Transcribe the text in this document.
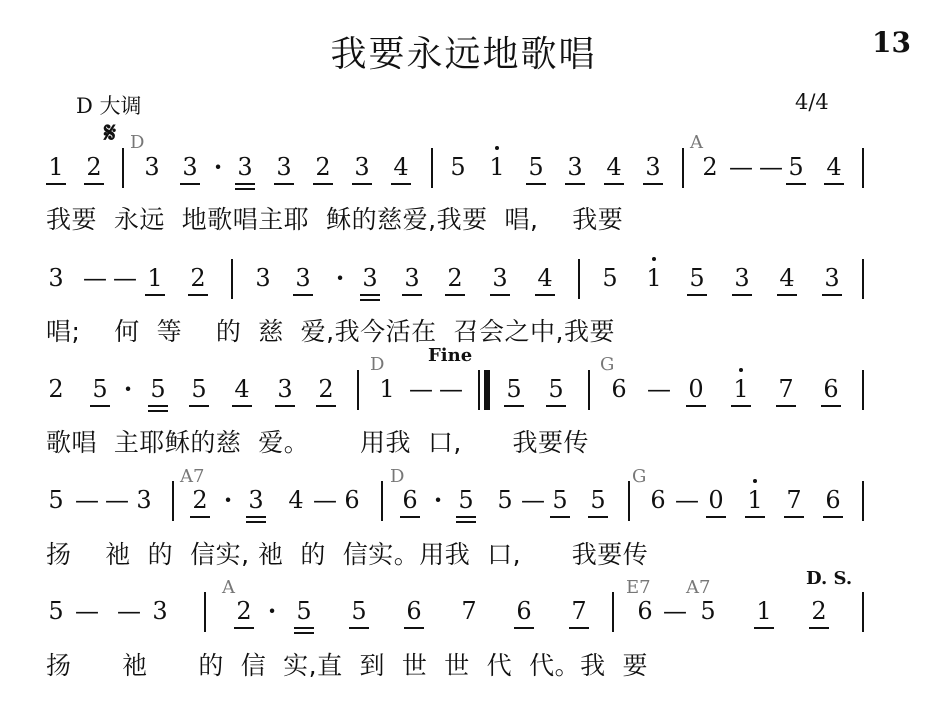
我要永远地歌唱	13
D 大调	4/4
𝄋 D	A
D	G
A7	D	G
A	E7 A7
Fine
D. S.
1 2 3 3 · 3 3 2 3 4 5 1 5 3 4 3 2 — — 5 4
3 — — 1 2 3 3 · 3 3 2 3 4 5 1 5 3 4 3
2 5 · 5 5 4 3 2 1 — — 5 5 6 — 0 1 7 6
5 — — 3 2 · 3 4 — 6 6 · 5 5 — 5 5 6 — 0 1 7 6
5 — — 3	2 · 5 5 6 7 6 7 6 — 5 1 2
我要  永远  地歌唱主耶  稣的慈爱,我要  唱,    我要
唱;    何  等    的  慈  爱,我今活在  召会之中,我要
歌唱  主耶稣的慈  爱。      用我  口,      我要传
扬    祂  的  信实, 祂  的  信实。用我  口,      我要传
扬      祂      的  信  实,直  到  世  世  代  代。我  要
